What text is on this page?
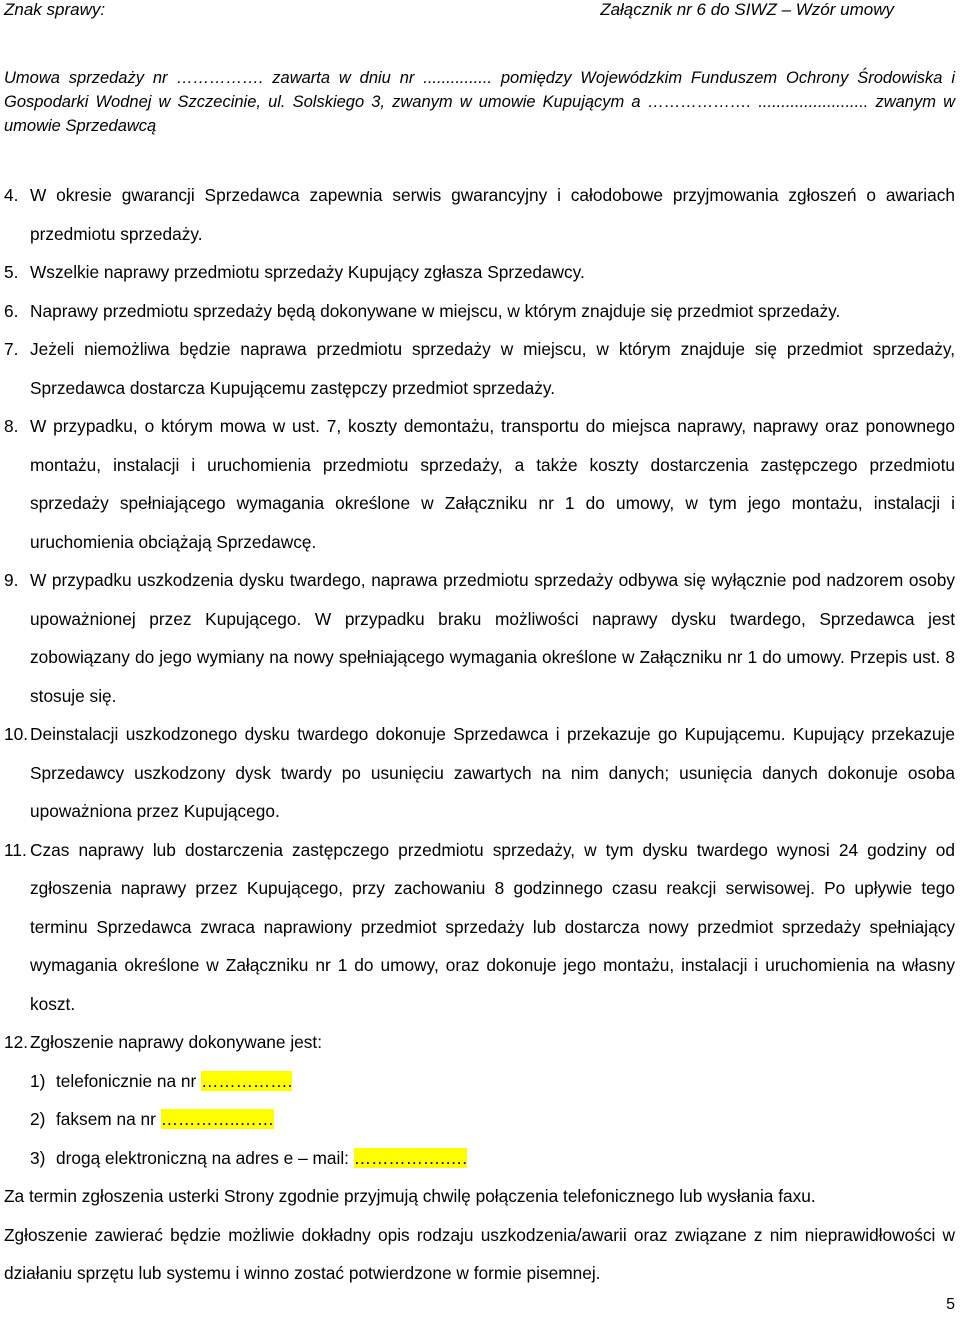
Znak sprawy:	Załącznik nr 6 do SIWZ – Wzór umowy
Umowa sprzedaży nr ……………. zawarta w dniu nr ............... pomiędzy Wojewódzkim Funduszem Ochrony Środowiska i Gospodarki Wodnej w Szczecinie, ul. Solskiego 3, zwanym w umowie Kupującym a ………………. ........................ zwanym w umowie Sprzedawcą
4. W okresie gwarancji Sprzedawca zapewnia serwis gwarancyjny i całodobowe przyjmowania zgłoszeń o awariach przedmiotu sprzedaży.
5. Wszelkie naprawy przedmiotu sprzedaży Kupujący zgłasza Sprzedawcy.
6. Naprawy przedmiotu sprzedaży będą dokonywane w miejscu, w którym znajduje się przedmiot sprzedaży.
7. Jeżeli niemożliwa będzie naprawa przedmiotu sprzedaży w miejscu, w którym znajduje się przedmiot sprzedaży, Sprzedawca dostarcza Kupującemu zastępczy przedmiot sprzedaży.
8. W przypadku, o którym mowa w ust. 7, koszty demontażu, transportu do miejsca naprawy, naprawy oraz ponownego montażu, instalacji i uruchomienia przedmiotu sprzedaży, a także koszty dostarczenia zastępczego przedmiotu sprzedaży spełniającego wymagania określone w Załączniku nr 1 do umowy, w tym jego montażu, instalacji i uruchomienia obciążają Sprzedawcę.
9. W przypadku uszkodzenia dysku twardego, naprawa przedmiotu sprzedaży odbywa się wyłącznie pod nadzorem osoby upoważnionej przez Kupującego. W przypadku braku możliwości naprawy dysku twardego, Sprzedawca jest zobowiązany do jego wymiany na nowy spełniającego wymagania określone w Załączniku nr 1 do umowy. Przepis ust. 8 stosuje się.
10. Deinstalacji uszkodzonego dysku twardego dokonuje Sprzedawca i przekazuje go Kupującemu. Kupujący przekazuje Sprzedawcy uszkodzony dysk twardy po usunięciu zawartych na nim danych; usunięcia danych dokonuje osoba upoważniona przez Kupującego.
11. Czas naprawy lub dostarczenia zastępczego przedmiotu sprzedaży, w tym dysku twardego wynosi 24 godziny od zgłoszenia naprawy przez Kupującego, przy zachowaniu 8 godzinnego czasu reakcji serwisowej. Po upływie tego terminu Sprzedawca zwraca naprawiony przedmiot sprzedaży lub dostarcza nowy przedmiot sprzedaży spełniający wymagania określone w Załączniku nr 1 do umowy, oraz dokonuje jego montażu, instalacji i uruchomienia na własny koszt.
12. Zgłoszenie naprawy dokonywane jest:
1) telefonicznie na nr …………….
2) faksem na nr …………..……
3) drogą elektroniczną na adres e – mail: …………….….
Za termin zgłoszenia usterki Strony zgodnie przyjmują chwilę połączenia telefonicznego lub wysłania faxu.
Zgłoszenie zawierać będzie możliwie dokładny opis rodzaju uszkodzenia/awarii oraz związane z nim nieprawidłowości w działaniu sprzętu lub systemu i winno zostać potwierdzone w formie pisemnej.
5
